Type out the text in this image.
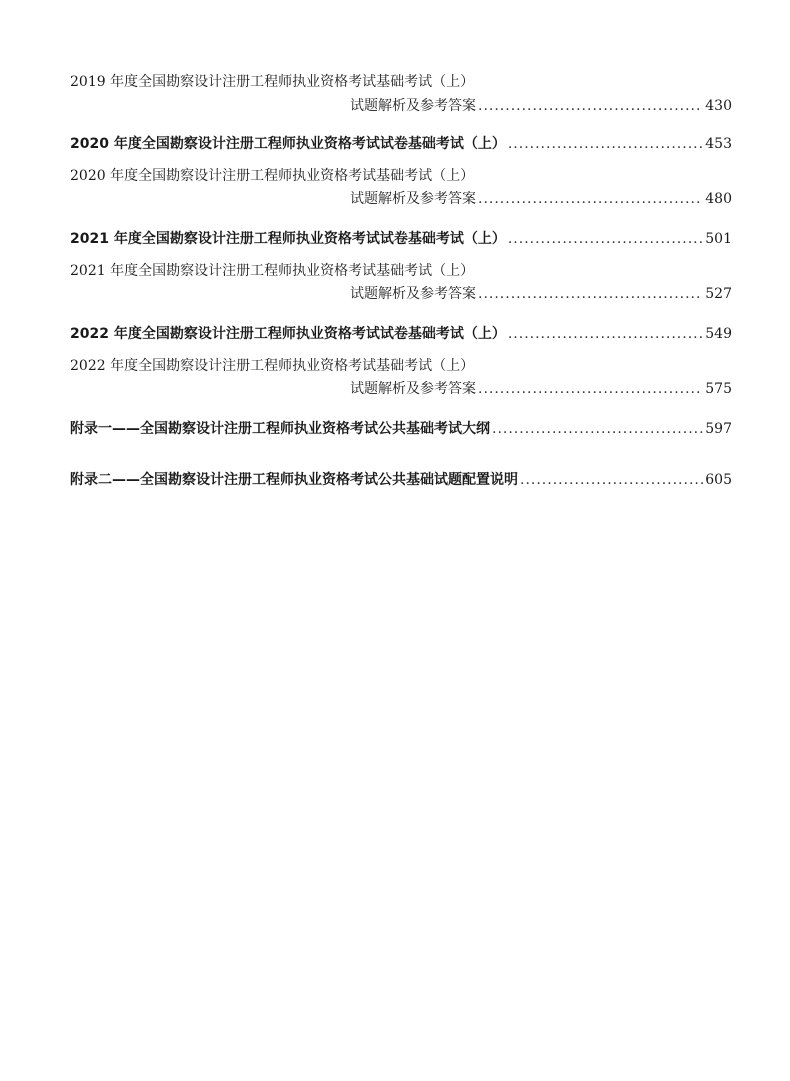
2019 年度全国勘察设计注册工程师执业资格考试基础考试（上）
试题解析及参考答案 .....	430
2020 年度全国勘察设计注册工程师执业资格考试试卷基础考试（上） .....	453
2020 年度全国勘察设计注册工程师执业资格考试基础考试（上）
试题解析及参考答案 .....	480
2021 年度全国勘察设计注册工程师执业资格考试试卷基础考试（上） .....	501
2021 年度全国勘察设计注册工程师执业资格考试基础考试（上）
试题解析及参考答案 .....	527
2022 年度全国勘察设计注册工程师执业资格考试试卷基础考试（上） .....	549
2022 年度全国勘察设计注册工程师执业资格考试基础考试（上）
试题解析及参考答案 .....	575
附录一——全国勘察设计注册工程师执业资格考试公共基础考试大纲 .....	597
附录二——全国勘察设计注册工程师执业资格考试公共基础试题配置说明 .....	605
